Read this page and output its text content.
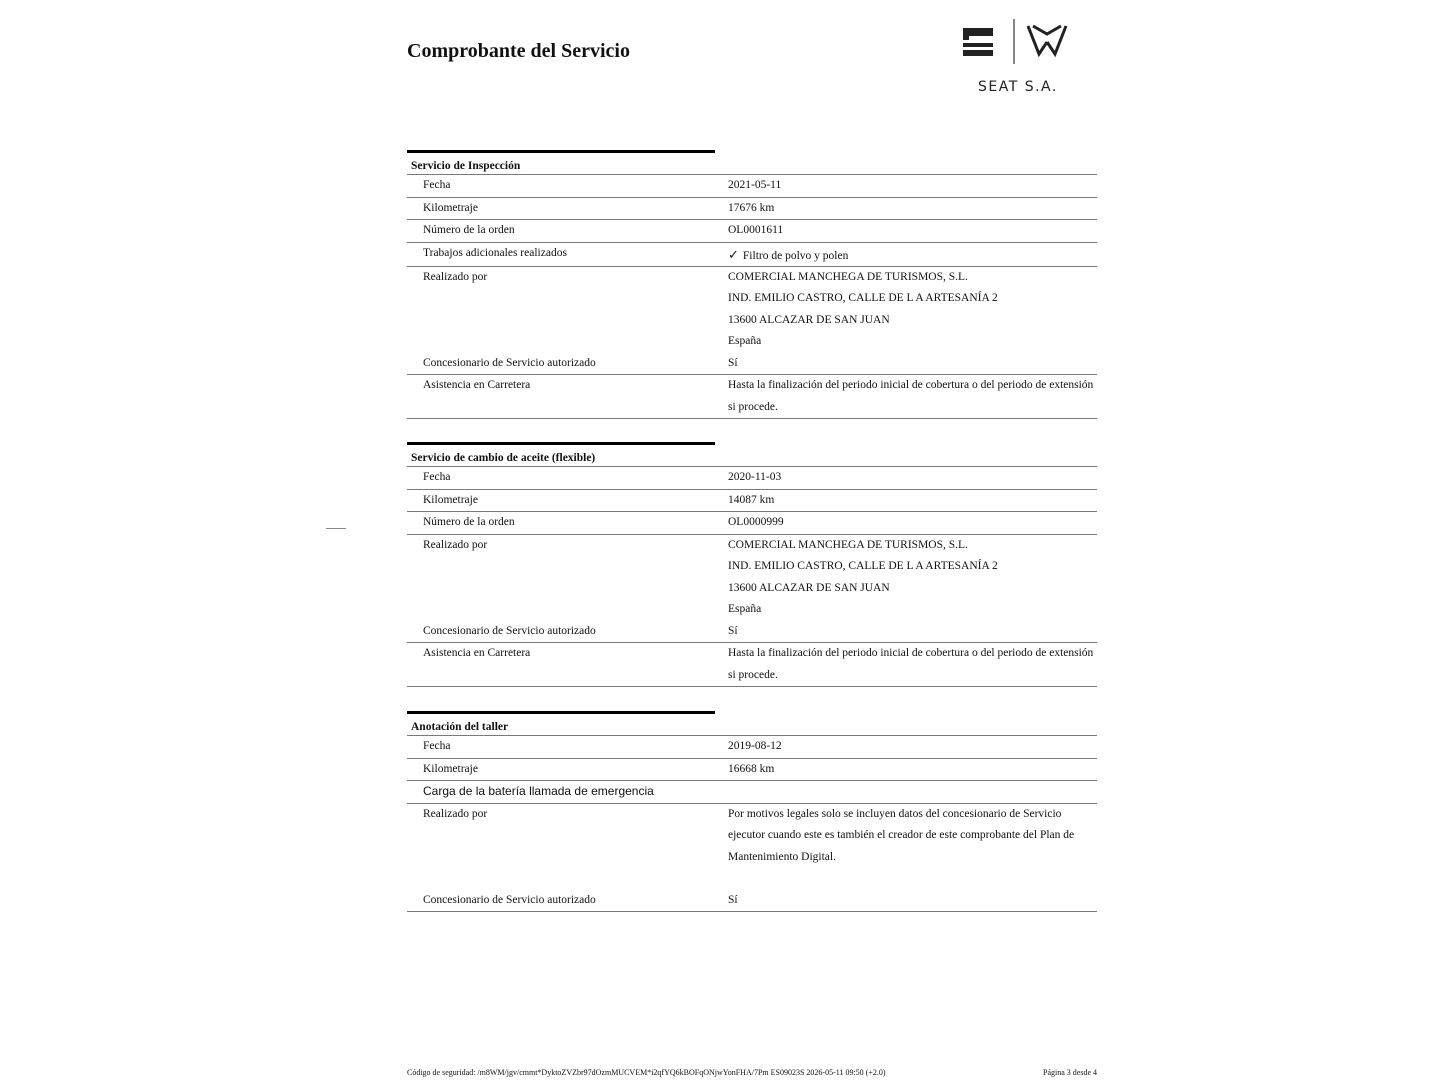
Comprobante del Servicio
SEAT S.A.
Servicio de Inspección
Fecha	2021-05-11
Kilometraje	17676 km
Número de la orden	OL0001611
Trabajos adicionales realizados	✓ Filtro de polvo y polen
Realizado por	COMERCIAL MANCHEGA DE TURISMOS, S.L.
IND. EMILIO CASTRO, CALLE DE L A ARTESANÍA 2
13600 ALCAZAR DE SAN JUAN
España
Concesionario de Servicio autorizado	Sí
Asistencia en Carretera	Hasta la finalización del periodo inicial de cobertura o del periodo de extensión
si procede.
Servicio de cambio de aceite (flexible)
Fecha	2020-11-03
Kilometraje	14087 km
Número de la orden	OL0000999
Realizado por	COMERCIAL MANCHEGA DE TURISMOS, S.L.
IND. EMILIO CASTRO, CALLE DE L A ARTESANÍA 2
13600 ALCAZAR DE SAN JUAN
España
Concesionario de Servicio autorizado	Sí
Asistencia en Carretera	Hasta la finalización del periodo inicial de cobertura o del periodo de extensión
si procede.
Anotación del taller
Fecha	2019-08-12
Kilometraje	16668 km
Carga de la batería llamada de emergencia
Realizado por	Por motivos legales solo se incluyen datos del concesionario de Servicio
ejecutor cuando este es también el creador de este comprobante del Plan de
Mantenimiento Digital.
Concesionario de Servicio autorizado	Sí
Código de seguridad: /m8WM/jgv/cmmt*DyktoZVZbr97dOzmMUCVEM*i2qfYQ6kBOFqONjwYonFHA/7Pm ES09023S 2026-05-11 09:50 (+2.0)	Página 3 desde 4
